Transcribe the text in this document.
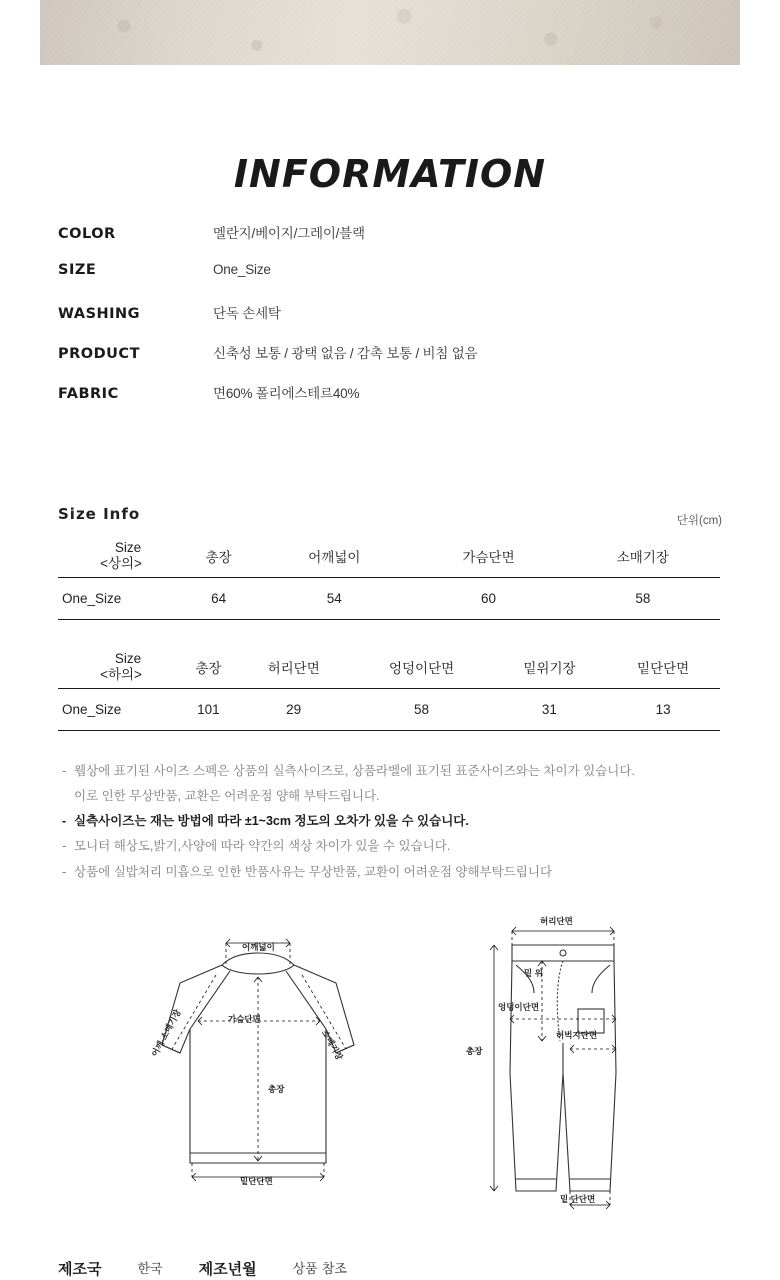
INFORMATION
COLOR	멜란지/베이지/그레이/블랙
SIZE	One_Size
WASHING	단독 손세탁
PRODUCT	신축성 보통 / 광택 없음 / 감촉 보통 / 비침 없음
FABRIC	면60% 폴리에스테르40%
Size Info	단위(cm)
Size
<상의>	총장	어깨넓이	가슴단면	소매기장
One_Size	64	54	60	58
Size
<하의>	총장	허리단면	엉덩이단면	밑위기장	밑단단면
One_Size	101	29	58	31	13
- 웹상에 표기된 사이즈 스펙은 상품의 실측사이즈로, 상품라벨에 표기된 표준사이즈와는 차이가 있습니다.
이로 인한 무상반품, 교환은 어려운점 양해 부탁드립니다.
- 실측사이즈는 재는 방법에 따라 ±1~3cm 정도의 오차가 있을 수 있습니다.
- 모니터 해상도,밝기,사양에 따라 약간의 색상 차이가 있을 수 있습니다.
- 상품에 실밥처리 미흡으로 인한 반품사유는 무상반품, 교환이 어려운점 양해부탁드립니다
어깨넓이
가슴단면
총장
소매기장
어깨-소매기장
밑단단면
허리단면
밑 위
엉덩이단면
허벅지단면
총장
밑 단단면
제조국	한국 제조년월	상품 참조
